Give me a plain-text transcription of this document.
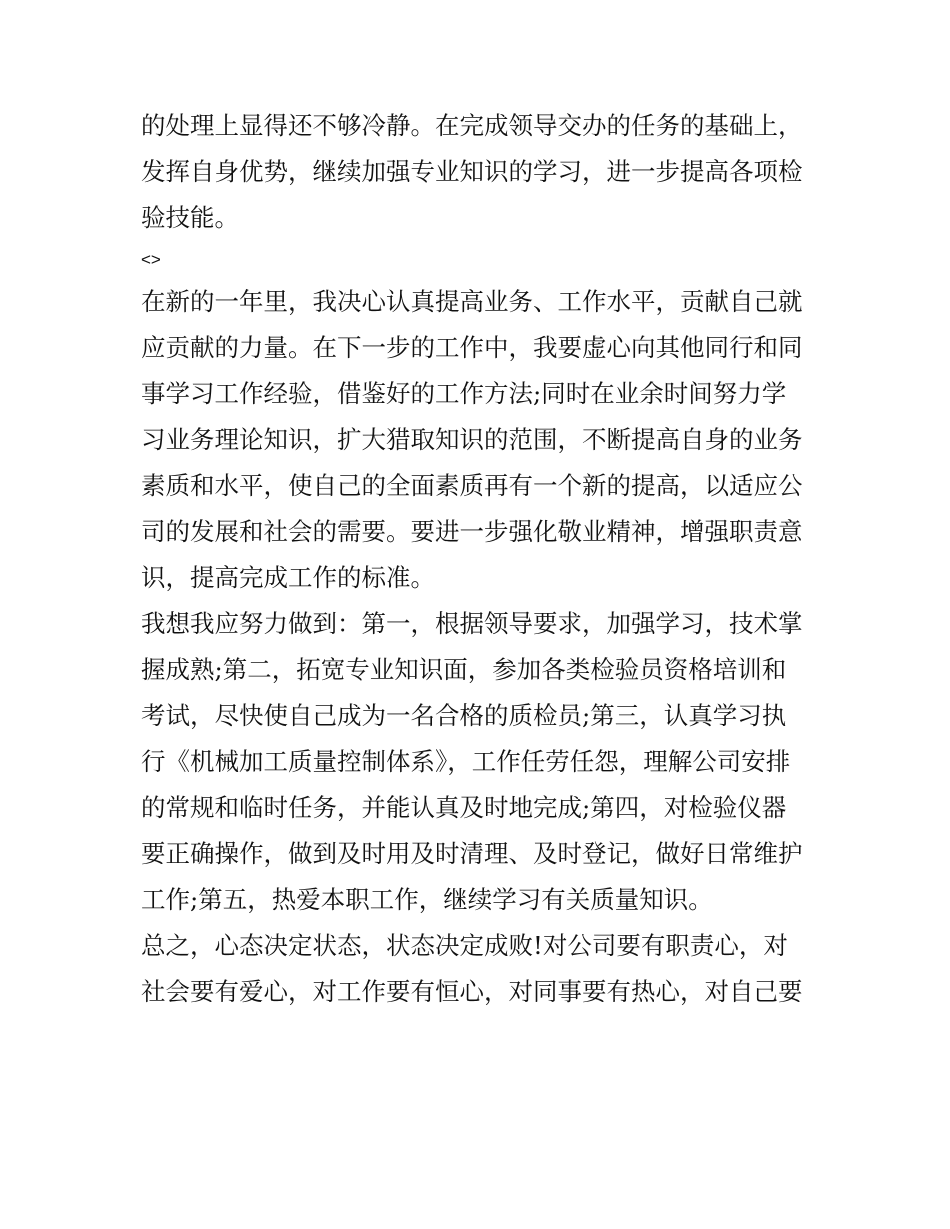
的处理上显得还不够冷静。在完成领导交办的任务的基础上，
发挥自身优势，继续加强专业知识的学习，进一步提高各项检
验技能。
<>
在新的一年里，我决心认真提高业务、工作水平，贡献自己就
应贡献的力量。在下一步的工作中，我要虚心向其他同行和同
事学习工作经验，借鉴好的工作方法;同时在业余时间努力学
习业务理论知识，扩大猎取知识的范围，不断提高自身的业务
素质和水平，使自己的全面素质再有一个新的提高，以适应公
司的发展和社会的需要。要进一步强化敬业精神，增强职责意
识，提高完成工作的标准。
我想我应努力做到：第一，根据领导要求，加强学习，技术掌
握成熟;第二，拓宽专业知识面，参加各类检验员资格培训和
考试，尽快使自己成为一名合格的质检员;第三，认真学习执
行《机械加工质量控制体系》，工作任劳任怨，理解公司安排
的常规和临时任务，并能认真及时地完成;第四，对检验仪器
要正确操作，做到及时用及时清理、及时登记，做好日常维护
工作;第五，热爱本职工作，继续学习有关质量知识。
总之，心态决定状态，状态决定成败!对公司要有职责心，对
社会要有爱心，对工作要有恒心，对同事要有热心，对自己要
